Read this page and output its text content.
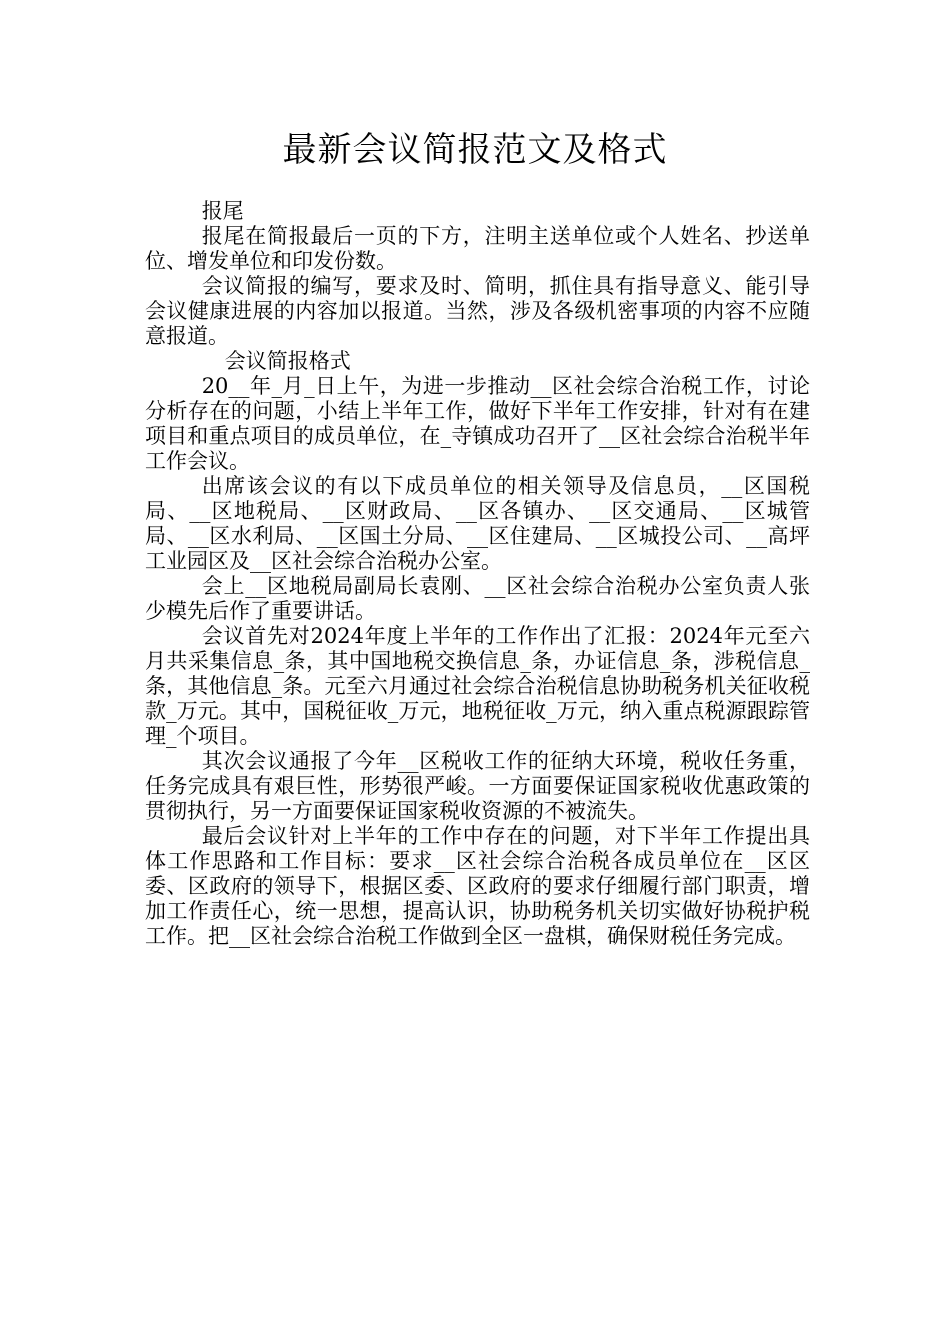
最新会议简报范文及格式

报尾

报尾在简报最后一页的下方，注明主送单位或个人姓名、抄送单位、增发单位和印发份数。

会议简报的编写，要求及时、简明，抓住具有指导意义、能引导会议健康进展的内容加以报道。当然，涉及各级机密事项的内容不应随意报道。

会议简报格式

20__年_月_日上午，为进一步推动__区社会综合治税工作，讨论分析存在的问题，小结上半年工作，做好下半年工作安排，针对有在建项目和重点项目的成员单位，在_寺镇成功召开了__区社会综合治税半年工作会议。

出席该会议的有以下成员单位的相关领导及信息员，__区国税局、__区地税局、__区财政局、__区各镇办、__区交通局、__区城管局、__区水利局、__区国土分局、__区住建局、__区城投公司、__高坪工业园区及__区社会综合治税办公室。

会上__区地税局副局长袁刚、__区社会综合治税办公室负责人张少模先后作了重要讲话。

会议首先对2024年度上半年的工作作出了汇报：2024年元至六月共采集信息_条，其中国地税交换信息_条，办证信息_条，涉税信息_条，其他信息_条。元至六月通过社会综合治税信息协助税务机关征收税款_万元。其中，国税征收_万元，地税征收_万元，纳入重点税源跟踪管理_个项目。

其次会议通报了今年__区税收工作的征纳大环境，税收任务重，任务完成具有艰巨性，形势很严峻。一方面要保证国家税收优惠政策的贯彻执行，另一方面要保证国家税收资源的不被流失。

最后会议针对上半年的工作中存在的问题，对下半年工作提出具体工作思路和工作目标：要求__区社会综合治税各成员单位在__区区委、区政府的领导下，根据区委、区政府的要求仔细履行部门职责，增加工作责任心，统一思想，提高认识，协助税务机关切实做好协税护税工作。把__区社会综合治税工作做到全区一盘棋，确保财税任务完成。
